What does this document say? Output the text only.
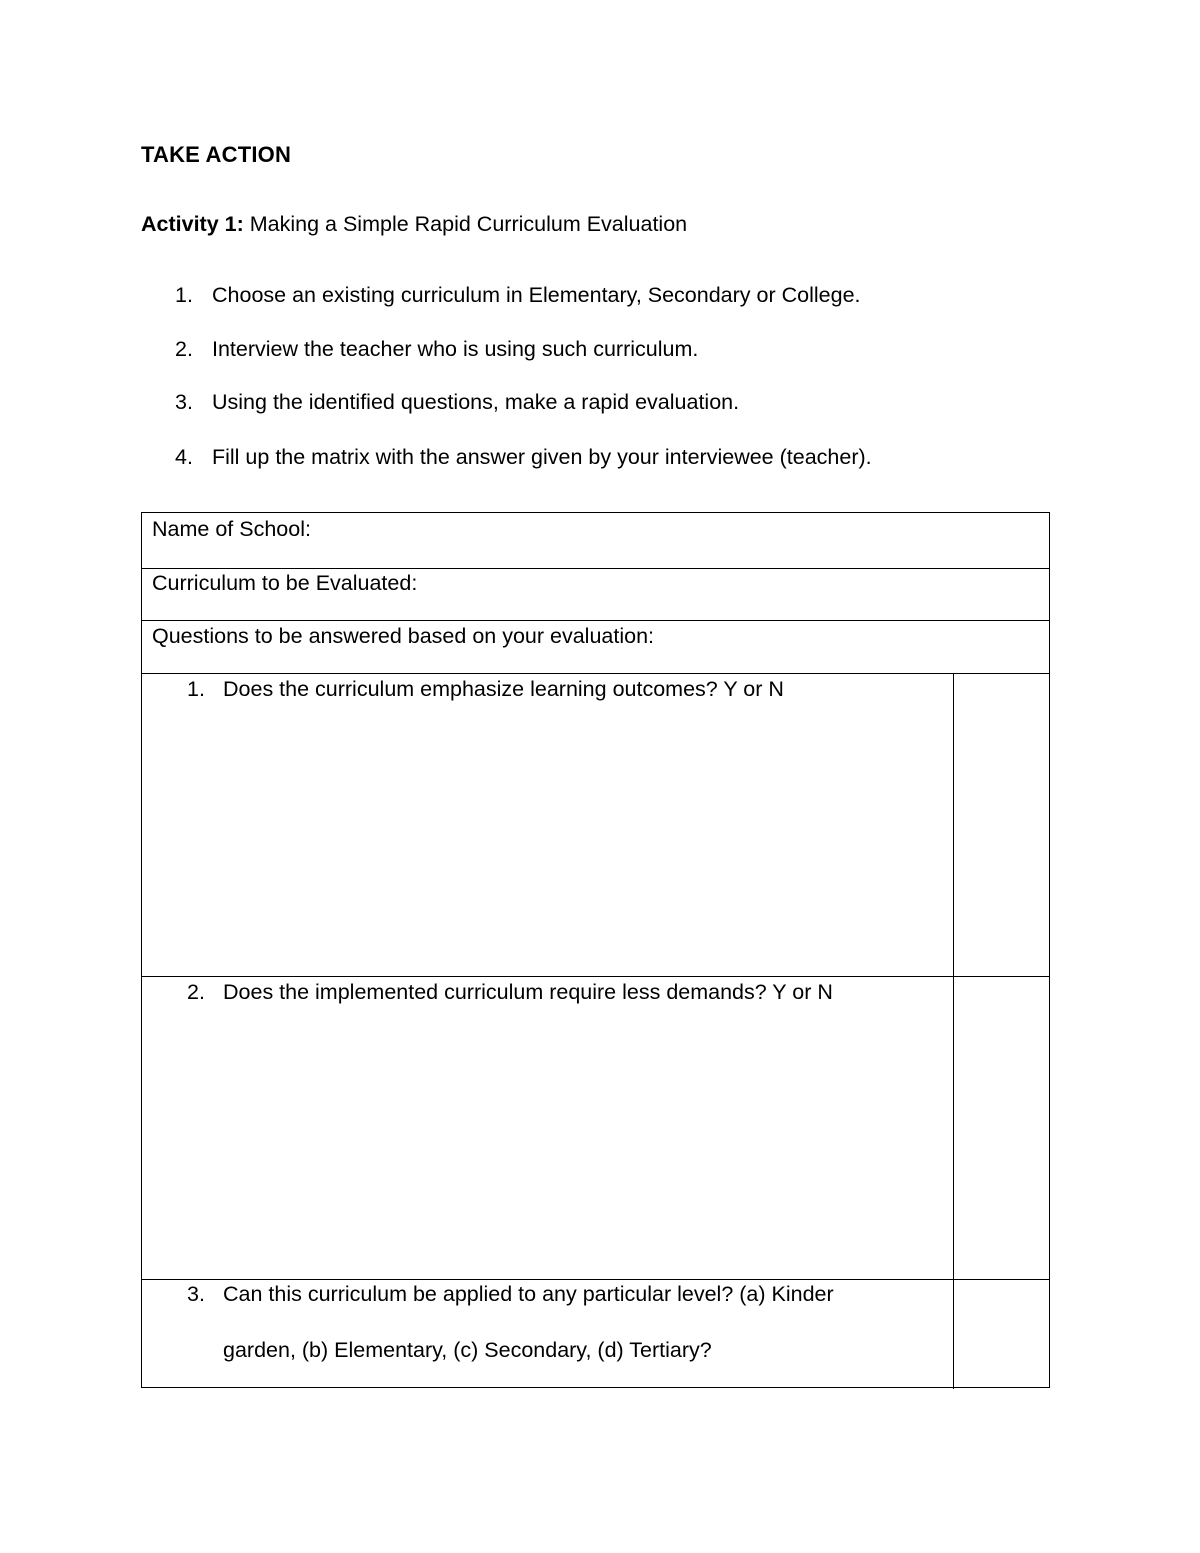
TAKE ACTION
Activity 1: Making a Simple Rapid Curriculum Evaluation
1. Choose an existing curriculum in Elementary, Secondary or College.
2. Interview the teacher who is using such curriculum.
3. Using the identified questions, make a rapid evaluation.
4. Fill up the matrix with the answer given by your interviewee (teacher).
Name of School:
Curriculum to be Evaluated:
Questions to be answered based on your evaluation:
1. Does the curriculum emphasize learning outcomes? Y or N
2. Does the implemented curriculum require less demands? Y or N
3. Can this curriculum be applied to any particular level? (a) Kinder
garden, (b) Elementary, (c) Secondary, (d) Tertiary?
